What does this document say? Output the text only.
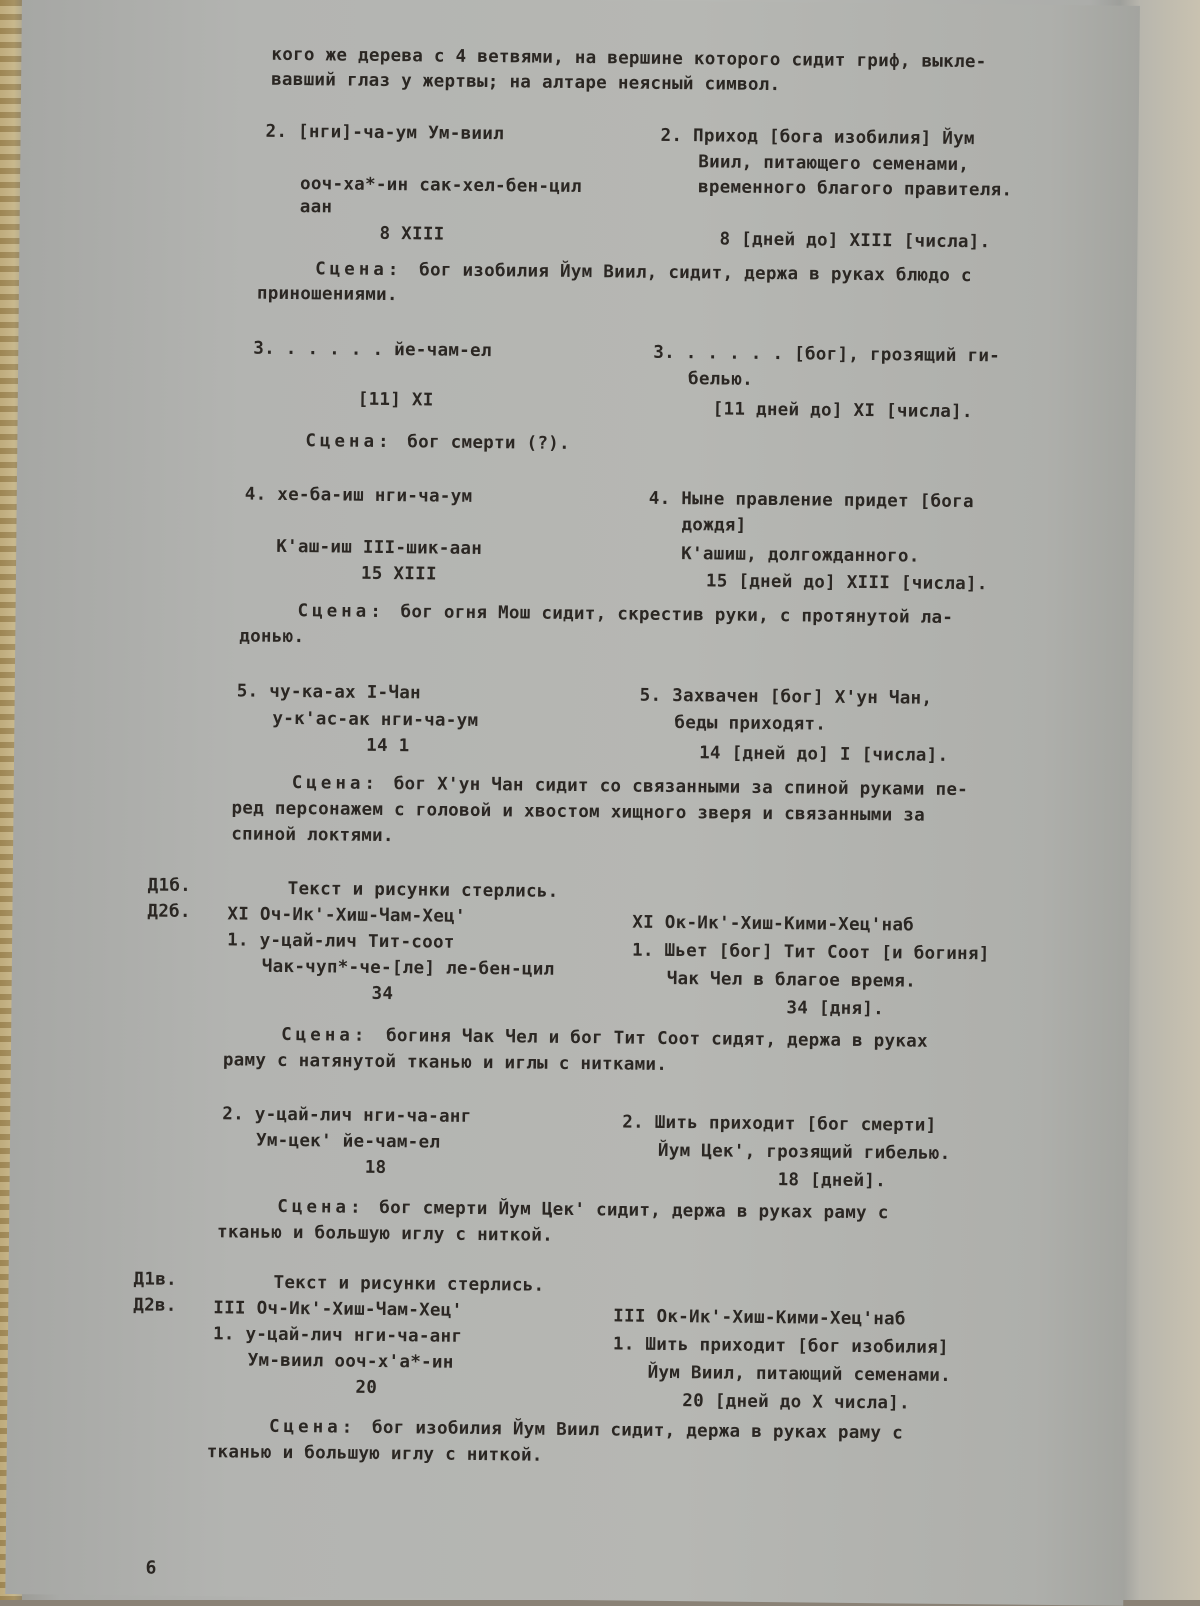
кого же дерева с 4 ветвями, на вершине которого сидит гриф, выкле-
вавший глаз у жертвы; на алтаре неясный символ.
2. [нги]-ча-ум Ум-виил
ооч-ха*-ин сак-хел-бен-цил
аан
8 XIII
2. Приход [бога изобилия] Йум
Виил, питающего семенами,
временного благого правителя.
8 [дней до] XIII [числа].
Сцена: бог изобилия Йум Виил, сидит, держа в руках блюдо с
приношениями.
3. . . . . . йе-чам-ел
[11] XI
3. . . . . . [бог], грозящий ги-
белью.
[11 дней до] XI [числа].
Сцена: бог смерти (?).
4. хе-ба-иш нги-ча-ум
К'аш-иш III-шик-аан
15 XIII
4. Ныне правление придет [бога
дождя]
К'ашиш, долгожданного.
15 [дней до] XIII [числа].
Сцена: бог огня Мош сидит, скрестив руки, с протянутой ла-
донью.
5. чу-ка-ах I-Чан
у-к'ас-ак нги-ча-ум
14 1
5. Захвачен [бог] Х'ун Чан,
беды приходят.
14 [дней до] I [числа].
Сцена: бог Х'ун Чан сидит со связанными за спиной руками пе-
ред персонажем с головой и хвостом хищного зверя и связанными за
спиной локтями.
Д1б.	Текст и рисунки стерлись.
Д2б. XI Оч-Ик'-Хиш-Чам-Хец'
1. у-цай-лич Тит-соот
Чак-чуп*-че-[ле] ле-бен-цил
34
XI Ок-Ик'-Хиш-Кими-Хец'наб
1. Шьет [бог] Тит Соот [и богиня]
Чак Чел в благое время.
34 [дня].
Сцена: богиня Чак Чел и бог Тит Соот сидят, держа в руках
раму с натянутой тканью и иглы с нитками.
2. у-цай-лич нги-ча-анг
Ум-цек' йе-чам-ел
18
2. Шить приходит [бог смерти]
Йум Цек', грозящий гибелью.
18 [дней].
Сцена: бог смерти Йум Цек' сидит, держа в руках раму с
тканью и большую иглу с ниткой.
Д1в.	Текст и рисунки стерлись.
Д2в. III Оч-Ик'-Хиш-Чам-Хец'
1. у-цай-лич нги-ча-анг
Ум-виил ооч-х'а*-ин
20
III Ок-Ик'-Хиш-Кими-Хец'наб
1. Шить приходит [бог изобилия]
Йум Виил, питающий семенами.
20 [дней до X числа].
Сцена: бог изобилия Йум Виил сидит, держа в руках раму с
тканью и большую иглу с ниткой.
6
